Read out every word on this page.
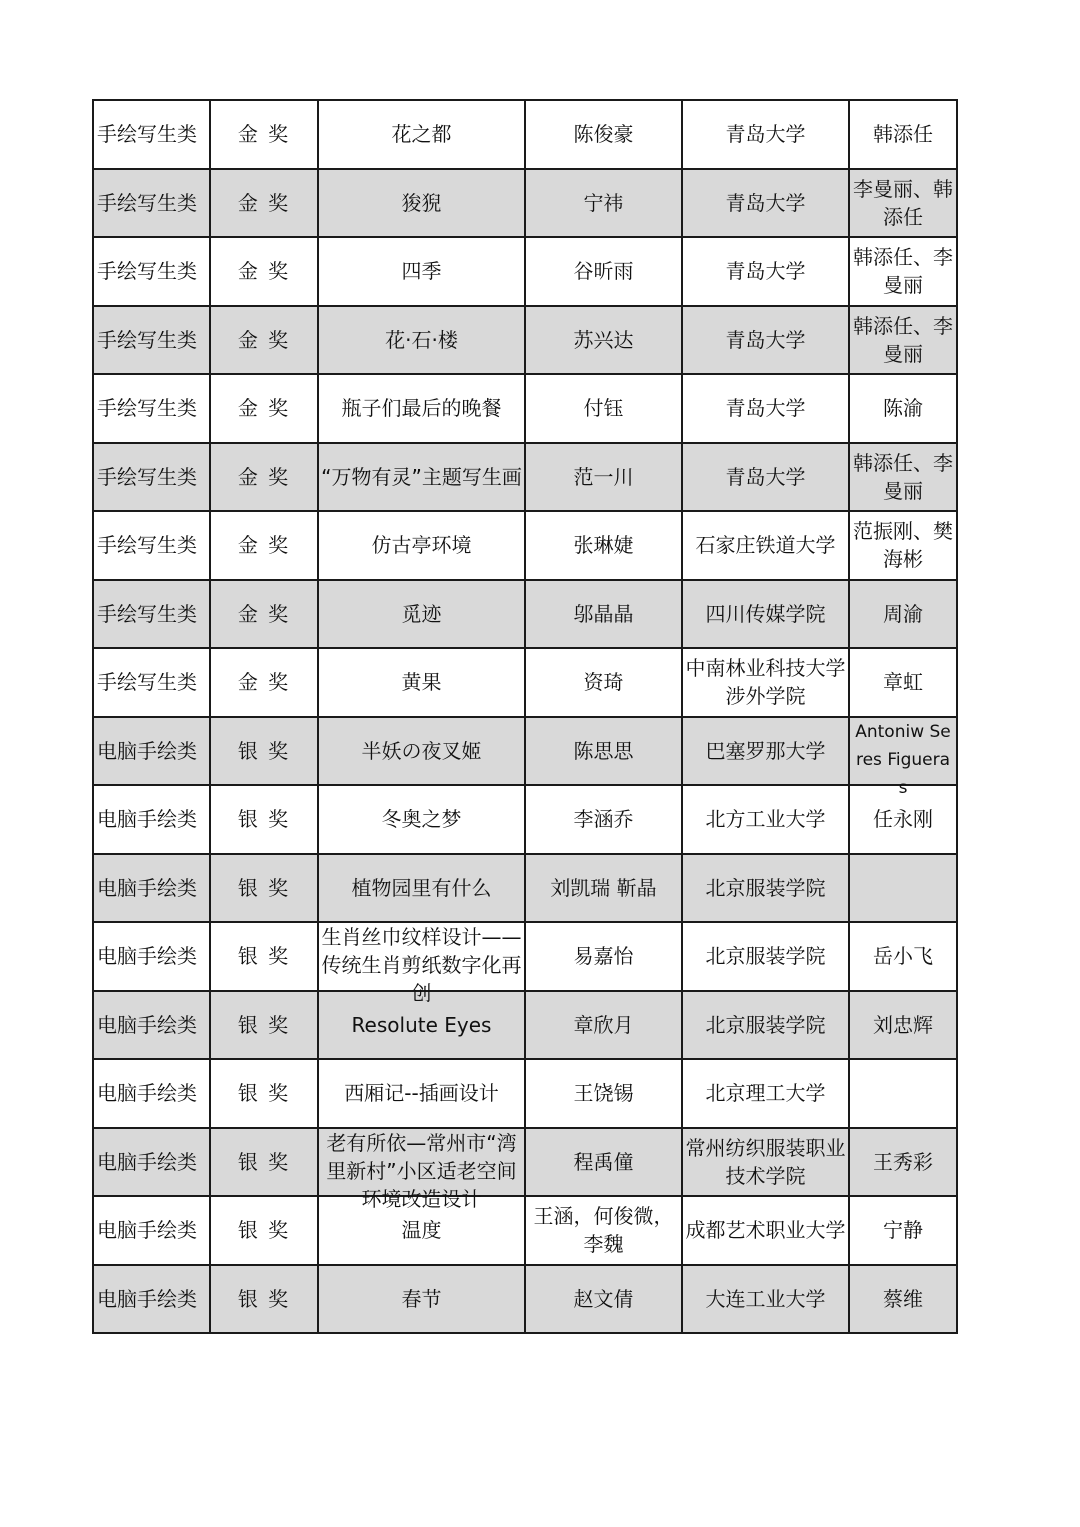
手绘写生类	金 奖	花之都	陈俊豪	青岛大学	韩添任
手绘写生类	金 奖	狻猊	宁祎	青岛大学	李曼丽、韩添任
手绘写生类	金 奖	四季	谷昕雨	青岛大学	韩添任、李曼丽
手绘写生类	金 奖	花·石·楼	苏兴达	青岛大学	韩添任、李曼丽
手绘写生类	金 奖	瓶子们最后的晚餐	付钰	青岛大学	陈渝
手绘写生类	金 奖	“万物有灵”主题写生画	范一川	青岛大学	韩添任、李曼丽
手绘写生类	金 奖	仿古亭环境	张琳婕	石家庄铁道大学	范振刚、樊海彬
手绘写生类	金 奖	觅迹	邬晶晶	四川传媒学院	周渝
手绘写生类	金 奖	黄果	资琦	中南林业科技大学涉外学院	章虹
电脑手绘类	银 奖	半妖の夜叉姬	陈思思	巴塞罗那大学	Antoniw Seres Figueras

电脑手绘类	银 奖	冬奥之梦	李涵乔	北方工业大学	任永刚
电脑手绘类	银 奖	植物园里有什么	刘凯瑞 靳晶	北京服装学院	
电脑手绘类	银 奖	生肖丝巾纹样设计——传统生肖剪纸数字化再创	易嘉怡	北京服装学院	岳小飞
电脑手绘类	银 奖	Resolute Eyes	章欣月	北京服装学院	刘忠辉
电脑手绘类	银 奖	西厢记--插画设计	王饶锡	北京理工大学	
电脑手绘类	银 奖	老有所依—常州市“湾里新村”小区适老空间环境改造设计	程禹僮	常州纺织服装职业技术学院	王秀彩
电脑手绘类	银 奖	温度	王涵，何俊微，李魏	成都艺术职业大学	宁静
电脑手绘类	银 奖	春节	赵文倩	大连工业大学	蔡维
